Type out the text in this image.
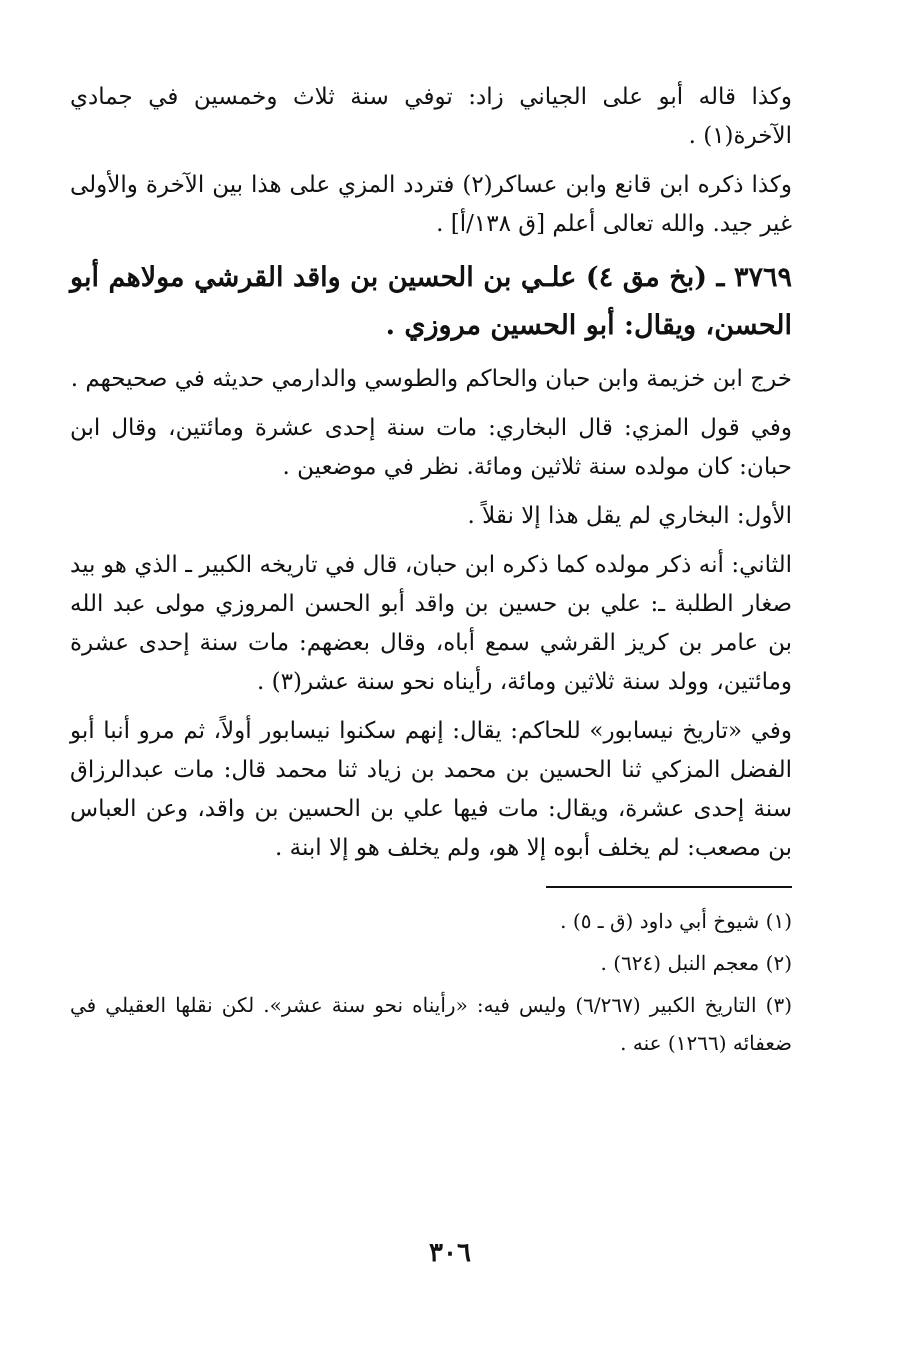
وكذا قاله أبو على الجياني زاد: توفي سنة ثلاث وخمسين في جمادي الآخرة(١) .

وكذا ذكره ابن قانع وابن عساكر(٢) فتردد المزي على هذا بين الآخرة والأولى غير جيد. والله تعالى أعلم [ق ١٣٨/أ] .

٣٧٦٩ ـ (بخ مق ٤) علـي بن الحسين بن واقد القرشي مولاهم أبو الحسن، ويقال: أبو الحسين مروزي .

خرج ابن خزيمة وابن حبان والحاكم والطوسي والدارمي حديثه في صحيحهم .

وفي قول المزي: قال البخاري: مات سنة إحدى عشرة ومائتين، وقال ابن حبان: كان مولده سنة ثلاثين ومائة. نظر في موضعين .

الأول: البخاري لم يقل هذا إلا نقلاً .

الثاني: أنه ذكر مولده كما ذكره ابن حبان، قال في تاريخه الكبير ـ الذي هو بيد صغار الطلبة ـ: علي بن حسين بن واقد أبو الحسن المروزي مولى عبد الله بن عامر بن كريز القرشي سمع أباه، وقال بعضهم: مات سنة إحدى عشرة ومائتين، وولد سنة ثلاثين ومائة، رأيناه نحو سنة عشر(٣) .

وفي «تاريخ نيسابور» للحاكم: يقال: إنهم سكنوا نيسابور أولاً، ثم مرو أنبا أبو الفضل المزكي ثنا الحسين بن محمد بن زياد ثنا محمد قال: مات عبدالرزاق سنة إحدى عشرة، ويقال: مات فيها علي بن الحسين بن واقد، وعن العباس بن مصعب: لم يخلف أبوه إلا هو، ولم يخلف هو إلا ابنة .

(١) شيوخ أبي داود (ق ـ ٥) .

(٢) معجم النبل (٦٢٤) .

(٣) التاريخ الكبير (٦/٢٦٧) وليس فيه: «رأيناه نحو سنة عشر». لكن نقلها العقيلي في ضعفائه (١٢٦٦) عنه .

٣٠٦
